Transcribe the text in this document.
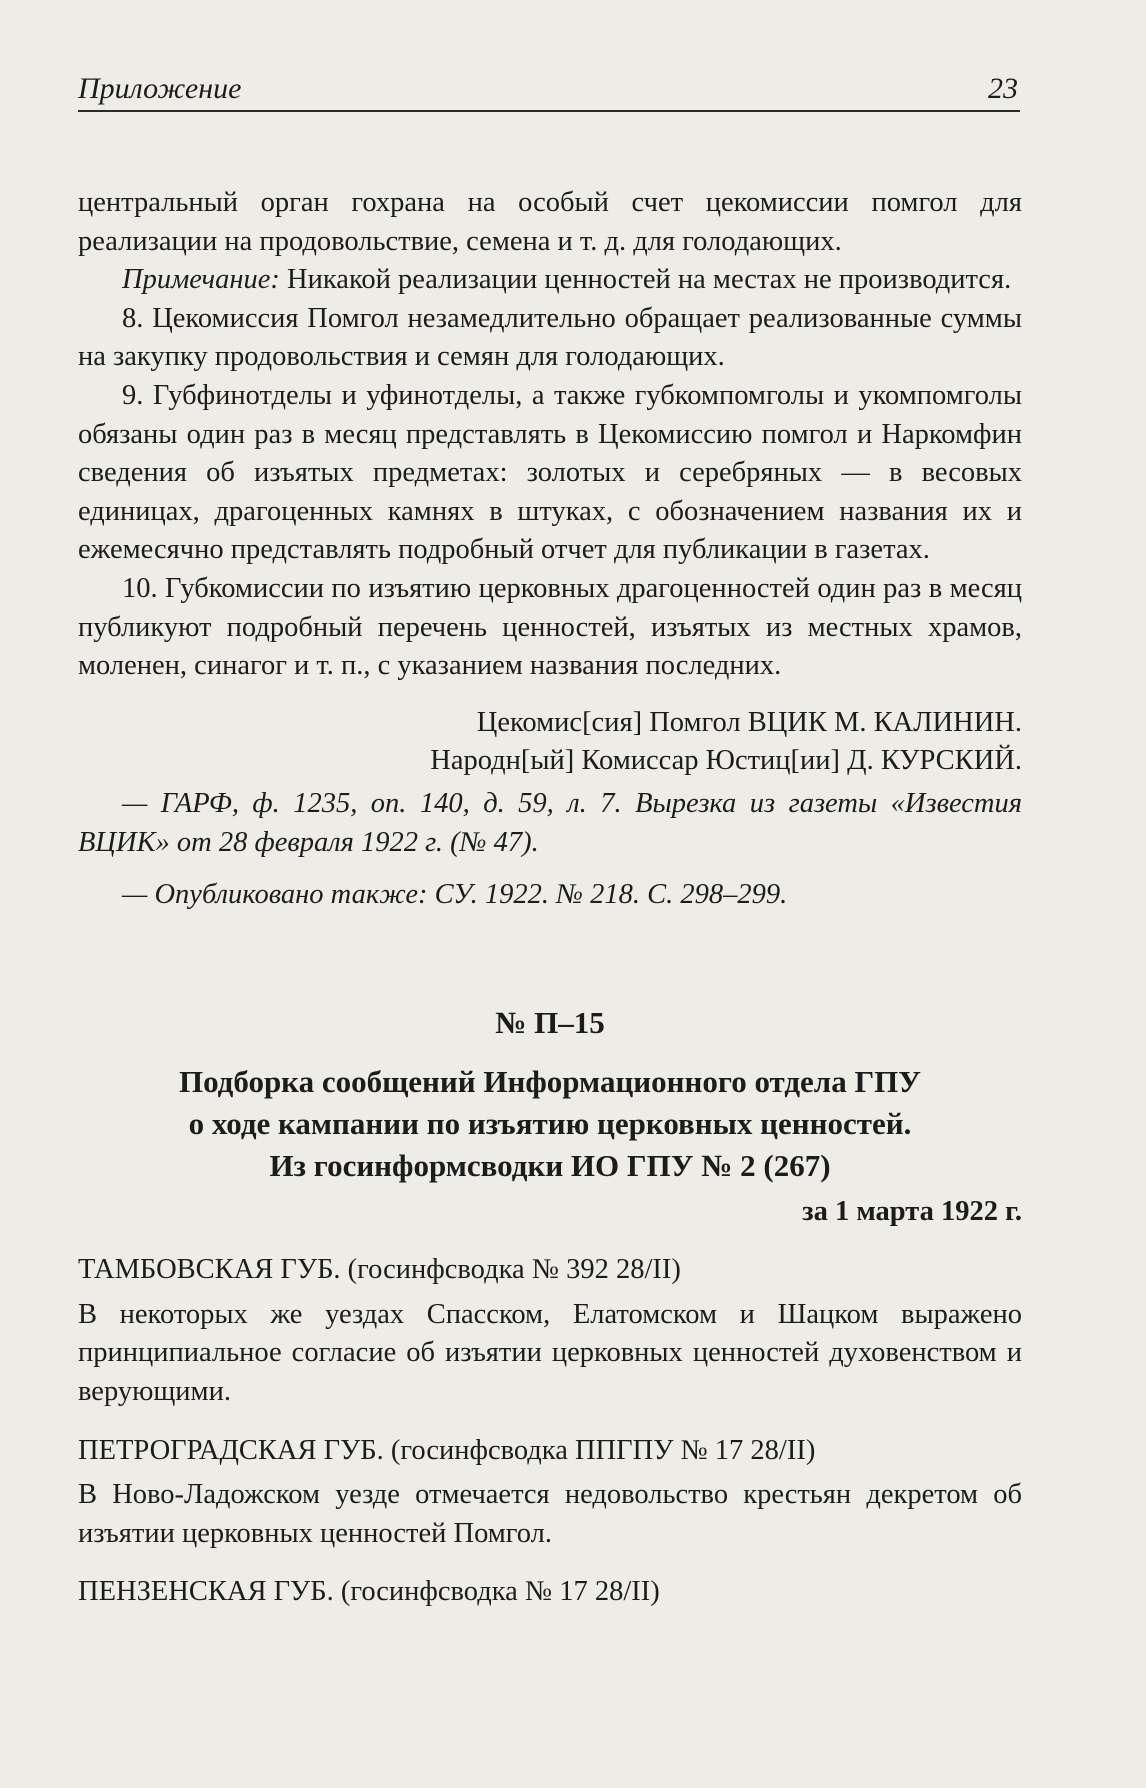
Приложение	23

центральный орган гохрана на особый счет цекомиссии помгол для реализации на продовольствие, семена и т. д. для голодающих.

Примечание: Никакой реализации ценностей на местах не производится.

8. Цекомиссия Помгол незамедлительно обращает реализованные суммы на закупку продовольствия и семян для голодающих.

9. Губфинотделы и уфинотделы, а также губкомпомголы и укомпомголы обязаны один раз в месяц представлять в Цекомиссию помгол и Наркомфин сведения об изъятых предметах: золотых и серебряных — в весовых единицах, драгоценных камнях в штуках, с обозначением названия их и ежемесячно представлять подробный отчет для публикации в газетах.

10. Губкомиссии по изъятию церковных драгоценностей один раз в месяц публикуют подробный перечень ценностей, изъятых из местных храмов, моленен, синагог и т. п., с указанием названия последних.

Цекомис[сия] Помгол ВЦИК М. КАЛИНИН.

Народн[ый] Комиссар Юстиц[ии] Д. КУРСКИЙ.

— ГАРФ, ф. 1235, оп. 140, д. 59, л. 7. Вырезка из газеты «Известия ВЦИК» от 28 февраля 1922 г. (№ 47).

— Опубликовано также: СУ. 1922. № 218. С. 298–299.

№ П–15
Подборка сообщений Информационного отдела ГПУ
о ходе кампании по изъятию церковных ценностей.
Из госинформсводки ИО ГПУ № 2 (267)
за 1 марта 1922 г.

ТАМБОВСКАЯ ГУБ. (госинфсводка № 392 28/II)

В некоторых же уездах Спасском, Елатомском и Шацком выражено принципиальное согласие об изъятии церковных ценностей духовенством и верующими.

ПЕТРОГРАДСКАЯ ГУБ. (госинфсводка ППГПУ № 17 28/II)

В Ново-Ладожском уезде отмечается недовольство крестьян декретом об изъятии церковных ценностей Помгол.

ПЕНЗЕНСКАЯ ГУБ. (госинфсводка № 17 28/II)
